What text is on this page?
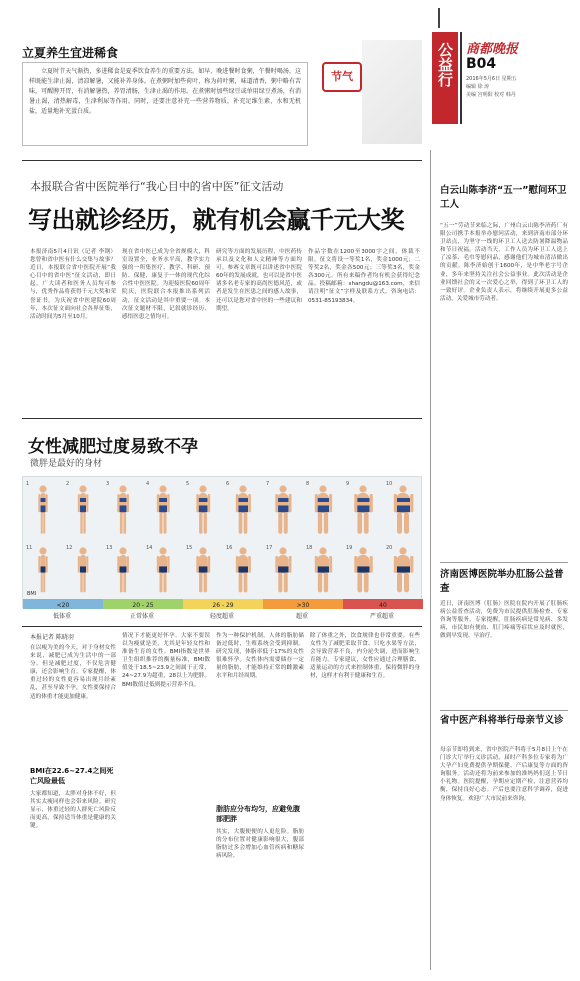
公益行 商都晚报
B04
2016年5月6日 星期五
编辑 徐 涛
美编 宫明阳 校对 韩丹
立夏养生宜进稀食
立夏时节天气渐热，多进稀食是夏季饮食养生的重要方法。如早、晚进餐时食粥，午餐时喝汤，这样既能生津止渴，清凉解暑，又能补养身体。在煮粥时加些荷叶，称为荷叶粥，味道清香，粥中略有苦味，可醒脾开胃，有消解暑热，养胃清肠，生津止渴的作用。在煮粥时加些绿豆或单用绿豆煮汤，有消暑止渴，清热解毒，生津利尿等作用。同时，还要注意补充一些营养物质，补充足维生素，水和无机盐，适量地补充蛋白质。
节气
本报联合省中医院举行“我心目中的省中医”征文活动
写出就诊经历，就有机会赢千元大奖
本报济南5月4日讯（记者 李钢）您曾和省中医有什么交集与故事？近日，本报联合省中医院开展“我心目中的省中医”征文活动，即日起，广大读者和医务人员均可参与，优秀作品将获得千元大奖和荣誉证书。为庆祝省中医建院60周年，本次征文面向社会各界征集，活动时间为5月至10月。
现在省中医已成为全省规模大，科室设置全，业务水平高，教学实力强的一所集医疗、教学、科研、预防、保健、康复于一体的现代化综合性中医医院。为迎接医院60周年院庆，医院联合本报推出系列活动，征文活动是其中重要一项。本次征文题材不限，记叙就诊经历、感悟医患之情均可。
研究等方面的发展历程，中医药传承以及文化和人文精神等方面均可。参赛文章既可以讲述省中医院60年的发展成就，也可以是省中医诸多名老专家的高尚医德风范，或者是发生在医患之间的感人故事，还可以是您对省中医的一些建议和期望。
作品字数在1200至3000字之间，体裁不限。征文将设一等奖1名，奖金1000元；二等奖2名，奖金各500元；三等奖3名，奖金各300元。所有来稿作者均有机会获得纪念品。投稿邮箱：shangdu@163.com，来信请注明“征文”字样及联系方式。咨询电话：0531-85193834。
女性减肥过度易致不孕
微胖是最好的身材
1
11
2
12
3
13
4
14
5
15
6
16
7
17
8
18
9
19
10
20
<20	20 - 25	26 - 29	>30	40
BMI
低体重	正常体重	轻度超重	超重	严重超重
本报记者 陈晓羽
在以瘦为美的今天，对于身材女性来说，减肥已成为生活中的一部分。但是减肥过度，不仅危害健康，还会影响生育。专家提醒，体重过轻的女性更容易出现月经紊乱，甚至导致不孕，女性要保持合适的体重才能更加健康。
BMI在22.6~27.4之间死亡风险最低
大家都知道，太胖对身体不好，但其实太瘦同样也会带来风险。研究显示，体重过轻的人群死亡风险反而更高，保持适当体重是健康的关键。
情况下才能更好怀孕。大家不要误以为瘦就是美，尤其是年轻女性和准备生育的女性。BMI指数是世界卫生组织推荐的衡量标准，BMI数值处于18.5~23.9之间属于正常，24~27.9为超重，28以上为肥胖。BMI数值过低则提示营养不良。
作为一种保护机制，人体的脂肪储备过低时，生殖系统会受到抑制。研究发现，体脂率低于17%的女性很难怀孕。女性体内需要储存一定量的脂肪，才能维持正常的雌激素水平和月经周期。
脂肪应分布均匀，应避免腹部肥胖
其实，大腹便便的人更危险。脂肪的分布位置对健康影响很大，腹部脂肪过多会增加心血管疾病和糖尿病风险。
除了体重之外，饮食规律也非常重要。有些女性为了减肥采取节食、只吃水果等方法，会导致营养不良，内分泌失调，进而影响生育能力。专家建议，女性应通过合理膳食、适量运动的方式来控制体重，保持微胖的身材，这样才有利于健康和生育。
白云山陈李济“五一”慰问环卫工人
“五一”劳动节来临之际，广州白云山陈李济药厂有限公司携手本报举办慰问活动，来到济南市部分环卫站点，为坚守一线的环卫工人送去防暑降温物品和节日祝福。活动当天，工作人员为环卫工人送上了凉茶、毛巾等慰问品，感谢他们为城市清洁做出的贡献。陈李济始创于1600年，是中华老字号企业，多年来坚持关注社会公益事业。此次活动是企业回馈社会的又一次爱心之举，得到了环卫工人的一致好评。企业负责人表示，将继续开展更多公益活动，关爱城市劳动者。
济南医博医院举办肛肠公益普查
近日，济南医博（肛肠）医院在院内开展了肛肠疾病公益普查活动，免费为市民提供肛肠检查、专家咨询等服务。专家提醒，肛肠疾病是常见病、多发病，市民如有便血、肛门疼痛等症状应及时就医，做到早发现、早治疗。
省中医产科将举行母亲节义诊
母亲节即将到来，省中医院产科将于5月8日上午在门诊大厅举行义诊活动，届时产科多位专家将为广大孕产妇免费提供孕期保健、产后康复等方面的咨询服务。活动还将为前来参加的准妈妈们送上节日小礼物。医院提醒，孕期应定期产检，注意营养均衡，保持良好心态。产后也要注意科学调养，促进身体恢复。欢迎广大市民前来咨询。
